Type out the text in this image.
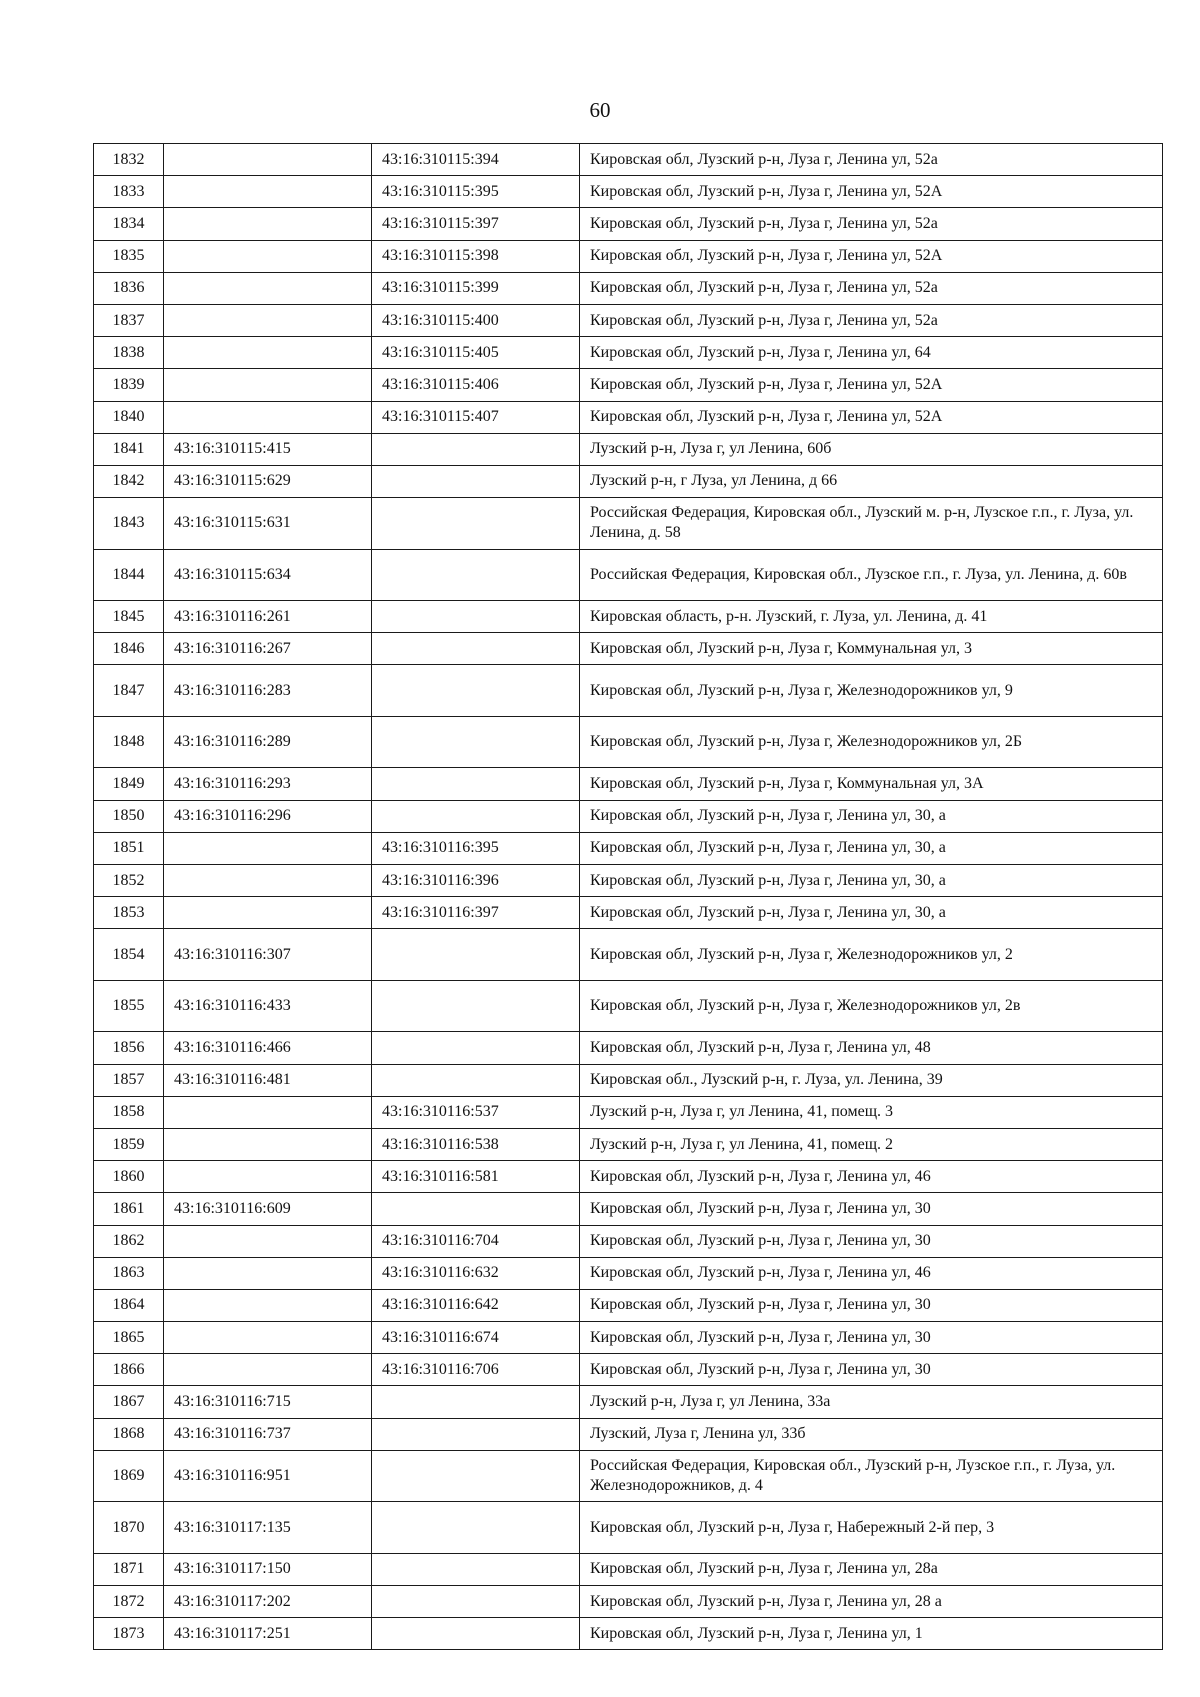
60
1832		43:16:310115:394	Кировская обл, Лузский р-н, Луза г, Ленина ул, 52а
1833		43:16:310115:395	Кировская обл, Лузский р-н, Луза г, Ленина ул, 52А
1834		43:16:310115:397	Кировская обл, Лузский р-н, Луза г, Ленина ул, 52а
1835		43:16:310115:398	Кировская обл, Лузский р-н, Луза г, Ленина ул, 52А
1836		43:16:310115:399	Кировская обл, Лузский р-н, Луза г, Ленина ул, 52а
1837		43:16:310115:400	Кировская обл, Лузский р-н, Луза г, Ленина ул, 52а
1838		43:16:310115:405	Кировская обл, Лузский р-н, Луза г, Ленина ул, 64
1839		43:16:310115:406	Кировская обл, Лузский р-н, Луза г, Ленина ул, 52А
1840		43:16:310115:407	Кировская обл, Лузский р-н, Луза г, Ленина ул, 52А
1841	43:16:310115:415		Лузский р-н, Луза г, ул Ленина, 60б
1842	43:16:310115:629		Лузский р-н, г Луза, ул Ленина, д 66
1843	43:16:310115:631		Российская Федерация, Кировская обл., Лузский м. р-н, Лузское г.п., г. Луза, ул. Ленина, д. 58
1844	43:16:310115:634		Российская Федерация, Кировская обл., Лузское г.п., г. Луза, ул. Ленина, д. 60в
1845	43:16:310116:261		Кировская область, р-н. Лузский, г. Луза, ул. Ленина, д. 41
1846	43:16:310116:267		Кировская обл, Лузский р-н, Луза г, Коммунальная ул, 3
1847	43:16:310116:283		Кировская обл, Лузский р-н, Луза г, Железнодорожников ул, 9
1848	43:16:310116:289		Кировская обл, Лузский р-н, Луза г, Железнодорожников ул, 2Б
1849	43:16:310116:293		Кировская обл, Лузский р-н, Луза г, Коммунальная ул, 3А
1850	43:16:310116:296		Кировская обл, Лузский р-н, Луза г, Ленина ул, 30, а
1851		43:16:310116:395	Кировская обл, Лузский р-н, Луза г, Ленина ул, 30, а
1852		43:16:310116:396	Кировская обл, Лузский р-н, Луза г, Ленина ул, 30, а
1853		43:16:310116:397	Кировская обл, Лузский р-н, Луза г, Ленина ул, 30, а
1854	43:16:310116:307		Кировская обл, Лузский р-н, Луза г, Железнодорожников ул, 2
1855	43:16:310116:433		Кировская обл, Лузский р-н, Луза г, Железнодорожников ул, 2в
1856	43:16:310116:466		Кировская обл, Лузский р-н, Луза г, Ленина ул, 48
1857	43:16:310116:481		Кировская обл., Лузский р-н, г. Луза, ул. Ленина, 39
1858		43:16:310116:537	Лузский р-н, Луза г, ул Ленина, 41, помещ. 3
1859		43:16:310116:538	Лузский р-н, Луза г, ул Ленина, 41, помещ. 2
1860		43:16:310116:581	Кировская обл, Лузский р-н, Луза г, Ленина ул, 46
1861	43:16:310116:609		Кировская обл, Лузский р-н, Луза г, Ленина ул, 30
1862		43:16:310116:704	Кировская обл, Лузский р-н, Луза г, Ленина ул, 30
1863		43:16:310116:632	Кировская обл, Лузский р-н, Луза г, Ленина ул, 46
1864		43:16:310116:642	Кировская обл, Лузский р-н, Луза г, Ленина ул, 30
1865		43:16:310116:674	Кировская обл, Лузский р-н, Луза г, Ленина ул, 30
1866		43:16:310116:706	Кировская обл, Лузский р-н, Луза г, Ленина ул, 30
1867	43:16:310116:715		Лузский р-н, Луза г, ул Ленина, 33а
1868	43:16:310116:737		Лузский, Луза г, Ленина ул, 33б
1869	43:16:310116:951		Российская Федерация, Кировская обл., Лузский р-н, Лузское г.п., г. Луза, ул. Железнодорожников, д. 4
1870	43:16:310117:135		Кировская обл, Лузский р-н, Луза г, Набережный 2-й пер, 3
1871	43:16:310117:150		Кировская обл, Лузский р-н, Луза г, Ленина ул, 28а
1872	43:16:310117:202		Кировская обл, Лузский р-н, Луза г, Ленина ул, 28 а
1873	43:16:310117:251		Кировская обл, Лузский р-н, Луза г, Ленина ул, 1
